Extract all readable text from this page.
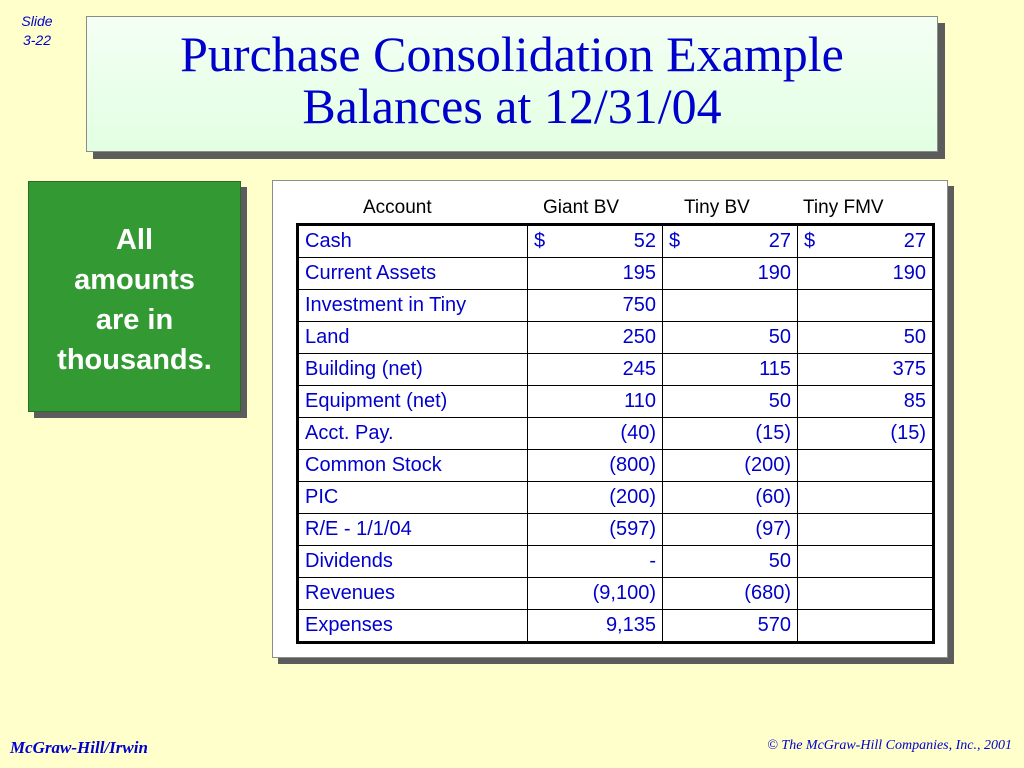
Slide
3-22	Purchase Consolidation Example
Balances at 12/31/04
All
amounts
are in
thousands.
Account	Giant BV	Tiny BV	Tiny FMV
Cash	$ 52	$ 27	$ 27

Current Assets	195	190	190

Investment in Tiny	750		

Land	250	50	50

Building (net)	245	115	375

Equipment (net)	110	50	85

Acct. Pay.	(40)	(15)	(15)

Common Stock	(800)	(200)	

PIC	(200)	(60)	

R/E - 1/1/04	(597)	(97)	

Dividends	-	50	

Revenues	(9,100)	(680)	

Expenses	9,135	570	

McGraw-Hill/Irwin	© The McGraw-Hill Companies, Inc., 2001
